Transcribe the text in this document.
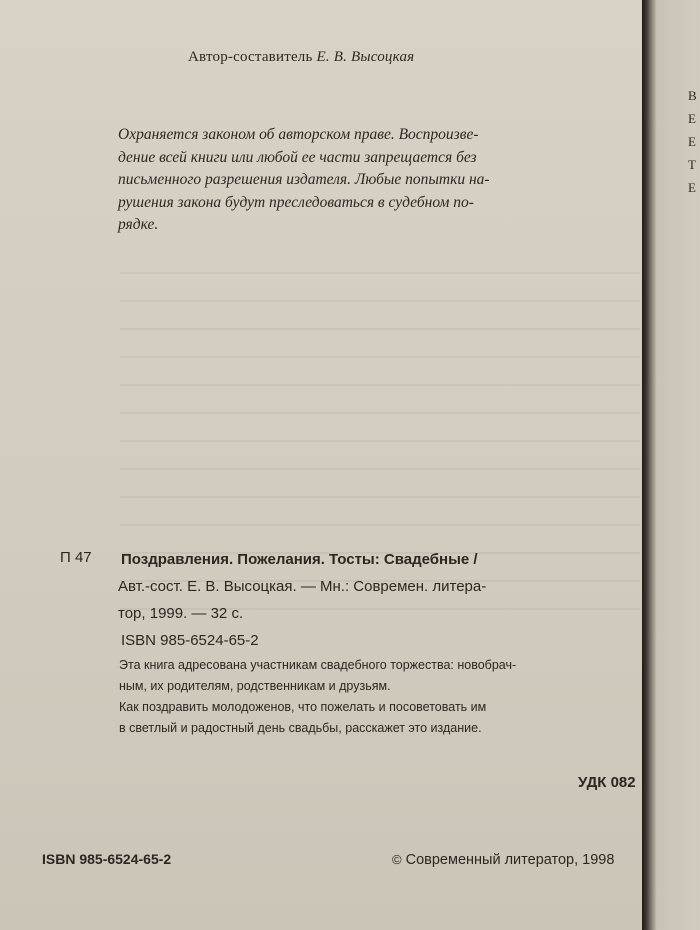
Автор-составитель Е. В. Высоцкая
Охраняется законом об авторском праве. Воспроизве-
дение всей книги или любой ее части запрещается без
письменного разрешения издателя. Любые попытки на-
рушения закона будут преследоваться в судебном по-
рядке.
П 47 Поздравления. Пожелания. Тосты: Свадебные /
Авт.-сост. Е. В. Высоцкая. — Мн.: Современ. литера-
тор, 1999. — 32 с.
ISBN 985-6524-65-2
Эта книга адресована участникам свадебного торжества: новобрач-
ным, их родителям, родственникам и друзьям.
Как поздравить молодоженов, что пожелать и посоветовать им
в светлый и радостный день свадьбы, расскажет это издание.
УДК 082
ISBN 985-6524-65-2	© Современный литератор, 1998
В
Е
Е
Т
Е
